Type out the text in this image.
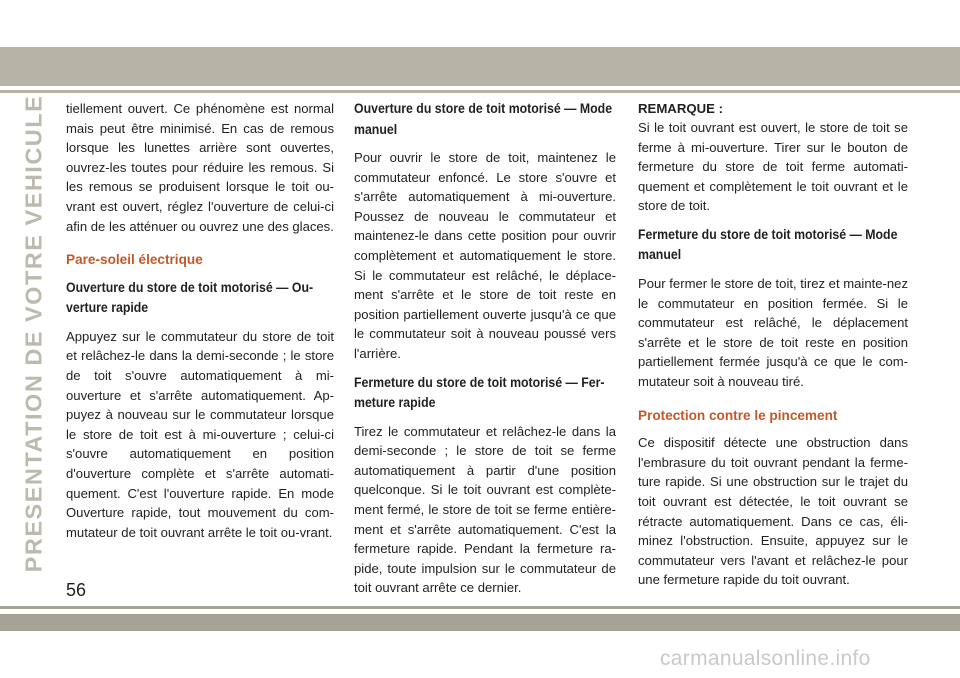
PRESENTATION DE VOTRE VEHICULE tiellement ouvert. Ce phénomène est normal mais peut être minimisé. En cas de remous lorsque les lunettes arrière sont ouvertes, ouvrez-les toutes pour réduire les remous. Si les remous se produisent lorsque le toit ou-vrant est ouvert, réglez l'ouverture de celui-ci afin de les atténuer ou ouvrez une des glaces.

Pare-soleil électrique
Ouverture du store de toit motorisé — Ou-verture rapide

Appuyez sur le commutateur du store de toit et relâchez-le dans la demi-seconde ; le store de toit s'ouvre automatiquement à mi-ouverture et s'arrête automatiquement. Ap-puyez à nouveau sur le commutateur lorsque le store de toit est à mi-ouverture ; celui-ci s'ouvre automatiquement en position d'ouverture complète et s'arrête automati-quement. C'est l'ouverture rapide. En mode Ouverture rapide, tout mouvement du com-mutateur de toit ouvrant arrête le toit ou-vrant.

Ouverture du store de toit motorisé — Mode manuel

Pour ouvrir le store de toit, maintenez le commutateur enfoncé. Le store s'ouvre et s'arrête automatiquement à mi-ouverture. Poussez de nouveau le commutateur et maintenez-le dans cette position pour ouvrir complètement et automatiquement le store. Si le commutateur est relâché, le déplace-ment s'arrête et le store de toit reste en position partiellement ouverte jusqu'à ce que le commutateur soit à nouveau poussé vers l'arrière.

Fermeture du store de toit motorisé — Fer-meture rapide

Tirez le commutateur et relâchez-le dans la demi-seconde ; le store de toit se ferme automatiquement à partir d'une position quelconque. Si le toit ouvrant est complète-ment fermé, le store de toit se ferme entière-ment et s'arrête automatiquement. C'est la fermeture rapide. Pendant la fermeture ra-pide, toute impulsion sur le commutateur de toit ouvrant arrête ce dernier.

REMARQUE :

Si le toit ouvrant est ouvert, le store de toit se ferme à mi-ouverture. Tirer sur le bouton de fermeture du store de toit ferme automati-quement et complètement le toit ouvrant et le store de toit.

Fermeture du store de toit motorisé — Mode manuel

Pour fermer le store de toit, tirez et mainte-nez le commutateur en position fermée. Si le commutateur est relâché, le déplacement s'arrête et le store de toit reste en position partiellement fermée jusqu'à ce que le com-mutateur soit à nouveau tiré.

Protection contre le pincement

Ce dispositif détecte une obstruction dans l'embrasure du toit ouvrant pendant la ferme-ture rapide. Si une obstruction sur le trajet du toit ouvrant est détectée, le toit ouvrant se rétracte automatiquement. Dans ce cas, éli-minez l'obstruction. Ensuite, appuyez sur le commutateur vers l'avant et relâchez-le pour une fermeture rapide du toit ouvrant.

56
carmanualsonline.info
